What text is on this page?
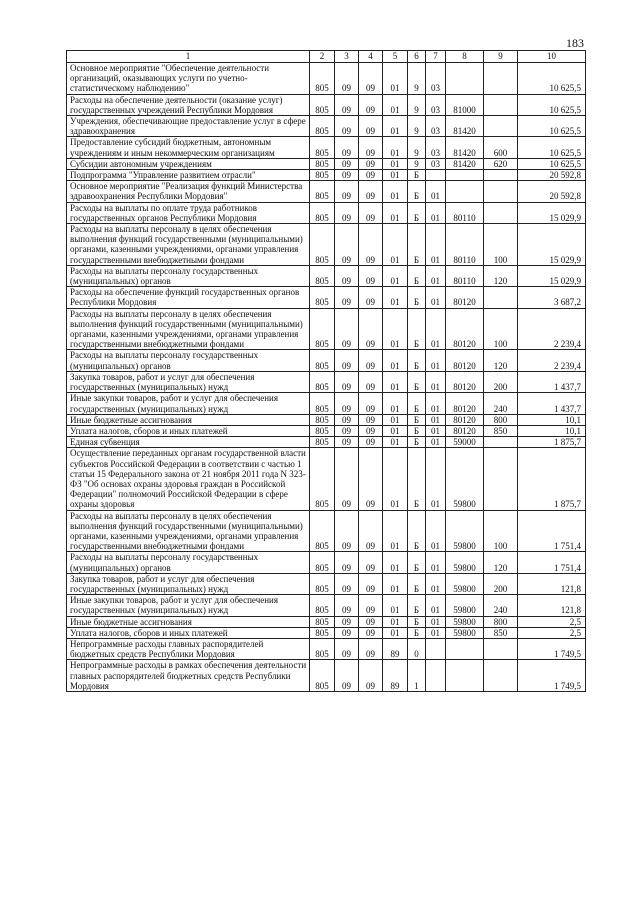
183
1	2	3	4	5	6	7	8	9	10
Основное мероприятие "Обеспечение деятельности организаций, оказывающих услуги по учетно-статистическому наблюдению"	805	09	09	01	9	03			10 625,5
Расходы на обеспечение деятельности (оказание услуг) государственных учреждений Республики Мордовия	805	09	09	01	9	03	81000		10 625,5
Учреждения, обеспечивающие предоставление услуг в сфере здравоохранения	805	09	09	01	9	03	81420		10 625,5
Предоставление субсидий бюджетным, автономным учреждениям и иным некоммерческим организациям	805	09	09	01	9	03	81420	600	10 625,5
Субсидии автономным учреждениям	805	09	09	01	9	03	81420	620	10 625,5
Подпрограмма "Управление развитием отрасли"	805	09	09	01	Б				20 592,8
Основное мероприятие "Реализация функций Министерства здравоохранения Республики Мордовия"	805	09	09	01	Б	01			20 592,8
Расходы на выплаты по оплате труда работников государственных органов Республики Мордовия	805	09	09	01	Б	01	80110		15 029,9
Расходы на выплаты персоналу в целях обеспечения выполнения функций государственными (муниципальными) органами, казенными учреждениями, органами управления государственными внебюджетными фондами	805	09	09	01	Б	01	80110	100	15 029,9
Расходы на выплаты персоналу государственных (муниципальных) органов	805	09	09	01	Б	01	80110	120	15 029,9
Расходы на обеспечение функций государственных органов Республики Мордовия	805	09	09	01	Б	01	80120		3 687,2
Расходы на выплаты персоналу в целях обеспечения выполнения функций государственными (муниципальными) органами, казенными учреждениями, органами управления государственными внебюджетными фондами	805	09	09	01	Б	01	80120	100	2 239,4
Расходы на выплаты персоналу государственных (муниципальных) органов	805	09	09	01	Б	01	80120	120	2 239,4
Закупка товаров, работ и услуг для обеспечения государственных (муниципальных) нужд	805	09	09	01	Б	01	80120	200	1 437,7
Иные закупки товаров, работ и услуг для обеспечения государственных (муниципальных) нужд	805	09	09	01	Б	01	80120	240	1 437,7
Иные бюджетные ассигнования	805	09	09	01	Б	01	80120	800	10,1
Уплата налогов, сборов и иных платежей	805	09	09	01	Б	01	80120	850	10,1
Единая субвенция	805	09	09	01	Б	01	59000		1 875,7
Осуществление переданных органам государственной власти субъектов Российской Федерации в соответствии с частью 1 статьи 15 Федерального закона от 21 ноября 2011 года N 323-ФЗ "Об основах охраны здоровья граждан в Российской Федерации" полномочий Российской Федерации в сфере охраны здоровья	805	09	09	01	Б	01	59800		1 875,7
Расходы на выплаты персоналу в целях обеспечения выполнения функций государственными (муниципальными) органами, казенными учреждениями, органами управления государственными внебюджетными фондами	805	09	09	01	Б	01	59800	100	1 751,4
Расходы на выплаты персоналу государственных (муниципальных) органов	805	09	09	01	Б	01	59800	120	1 751,4
Закупка товаров, работ и услуг для обеспечения государственных (муниципальных) нужд	805	09	09	01	Б	01	59800	200	121,8
Иные закупки товаров, работ и услуг для обеспечения государственных (муниципальных) нужд	805	09	09	01	Б	01	59800	240	121,8
Иные бюджетные ассигнования	805	09	09	01	Б	01	59800	800	2,5
Уплата налогов, сборов и иных платежей	805	09	09	01	Б	01	59800	850	2,5
Непрограммные расходы главных распорядителей бюджетных средств Республики Мордовия	805	09	09	89	0				1 749,5
Непрограммные расходы в рамках обеспечения деятельности главных распорядителей бюджетных средств Республики Мордовия	805	09	09	89	1				1 749,5
